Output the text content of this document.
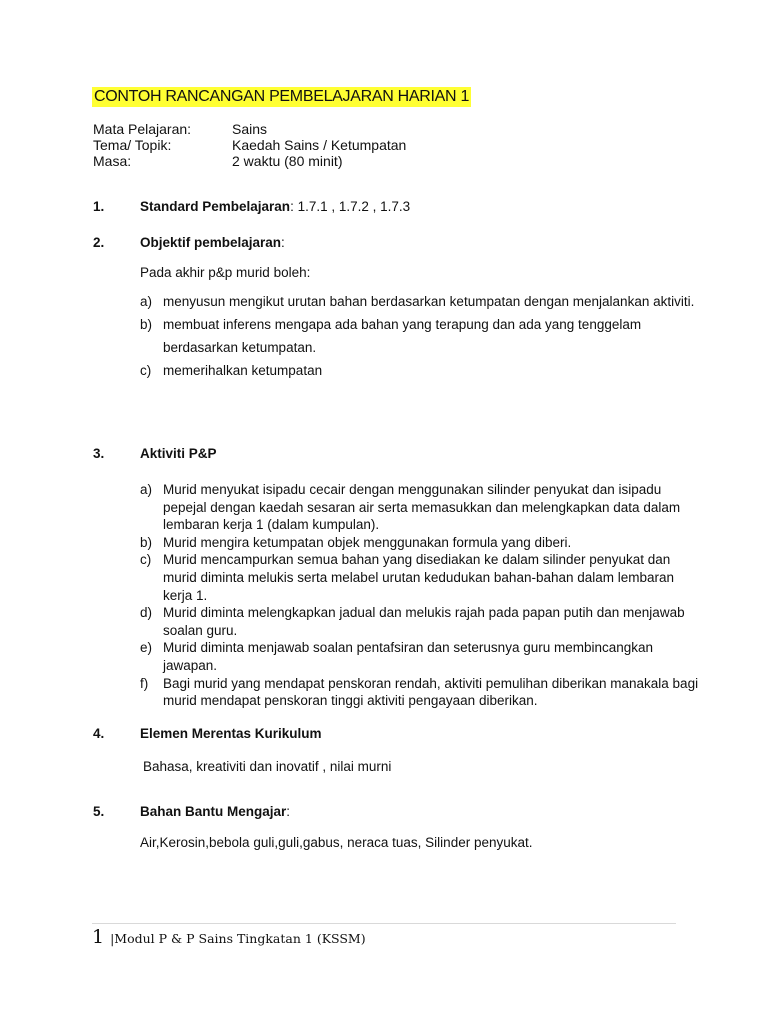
CONTOH RANCANGAN PEMBELAJARAN HARIAN 1
Mata Pelajaran:	Sains
Tema/ Topik:	Kaedah Sains / Ketumpatan
Masa:	2 waktu (80 minit)
1.	Standard Pembelajaran: 1.7.1 , 1.7.2 , 1.7.3
2.	Objektif pembelajaran:
Pada akhir p&p murid boleh:
a) menyusun mengikut urutan bahan berdasarkan ketumpatan dengan menjalankan aktiviti.
b) membuat inferens mengapa ada bahan yang terapung dan ada yang tenggelam berdasarkan ketumpatan.
c) memerihalkan ketumpatan
3.	Aktiviti P&P
a) Murid menyukat isipadu cecair dengan menggunakan silinder penyukat dan isipadu pepejal dengan kaedah sesaran air serta memasukkan dan melengkapkan data dalam lembaran kerja 1 (dalam kumpulan).
b) Murid mengira ketumpatan objek menggunakan formula yang diberi.
c) Murid mencampurkan semua bahan yang disediakan ke dalam silinder penyukat dan murid diminta melukis serta melabel urutan kedudukan bahan-bahan dalam lembaran kerja 1.
d) Murid diminta melengkapkan jadual dan melukis rajah pada papan putih dan menjawab soalan guru.
e) Murid diminta menjawab soalan pentafsiran dan seterusnya guru membincangkan jawapan.
f)	Bagi murid yang mendapat penskoran rendah, aktiviti pemulihan diberikan manakala bagi murid mendapat penskoran tinggi aktiviti pengayaan diberikan.
4.	Elemen Merentas Kurikulum
Bahasa, kreativiti dan inovatif , nilai murni
5.	Bahan Bantu Mengajar:
Air,Kerosin,bebola guli,guli,gabus, neraca tuas, Silinder penyukat.
1 |Modul P & P Sains Tingkatan 1 (KSSM)
